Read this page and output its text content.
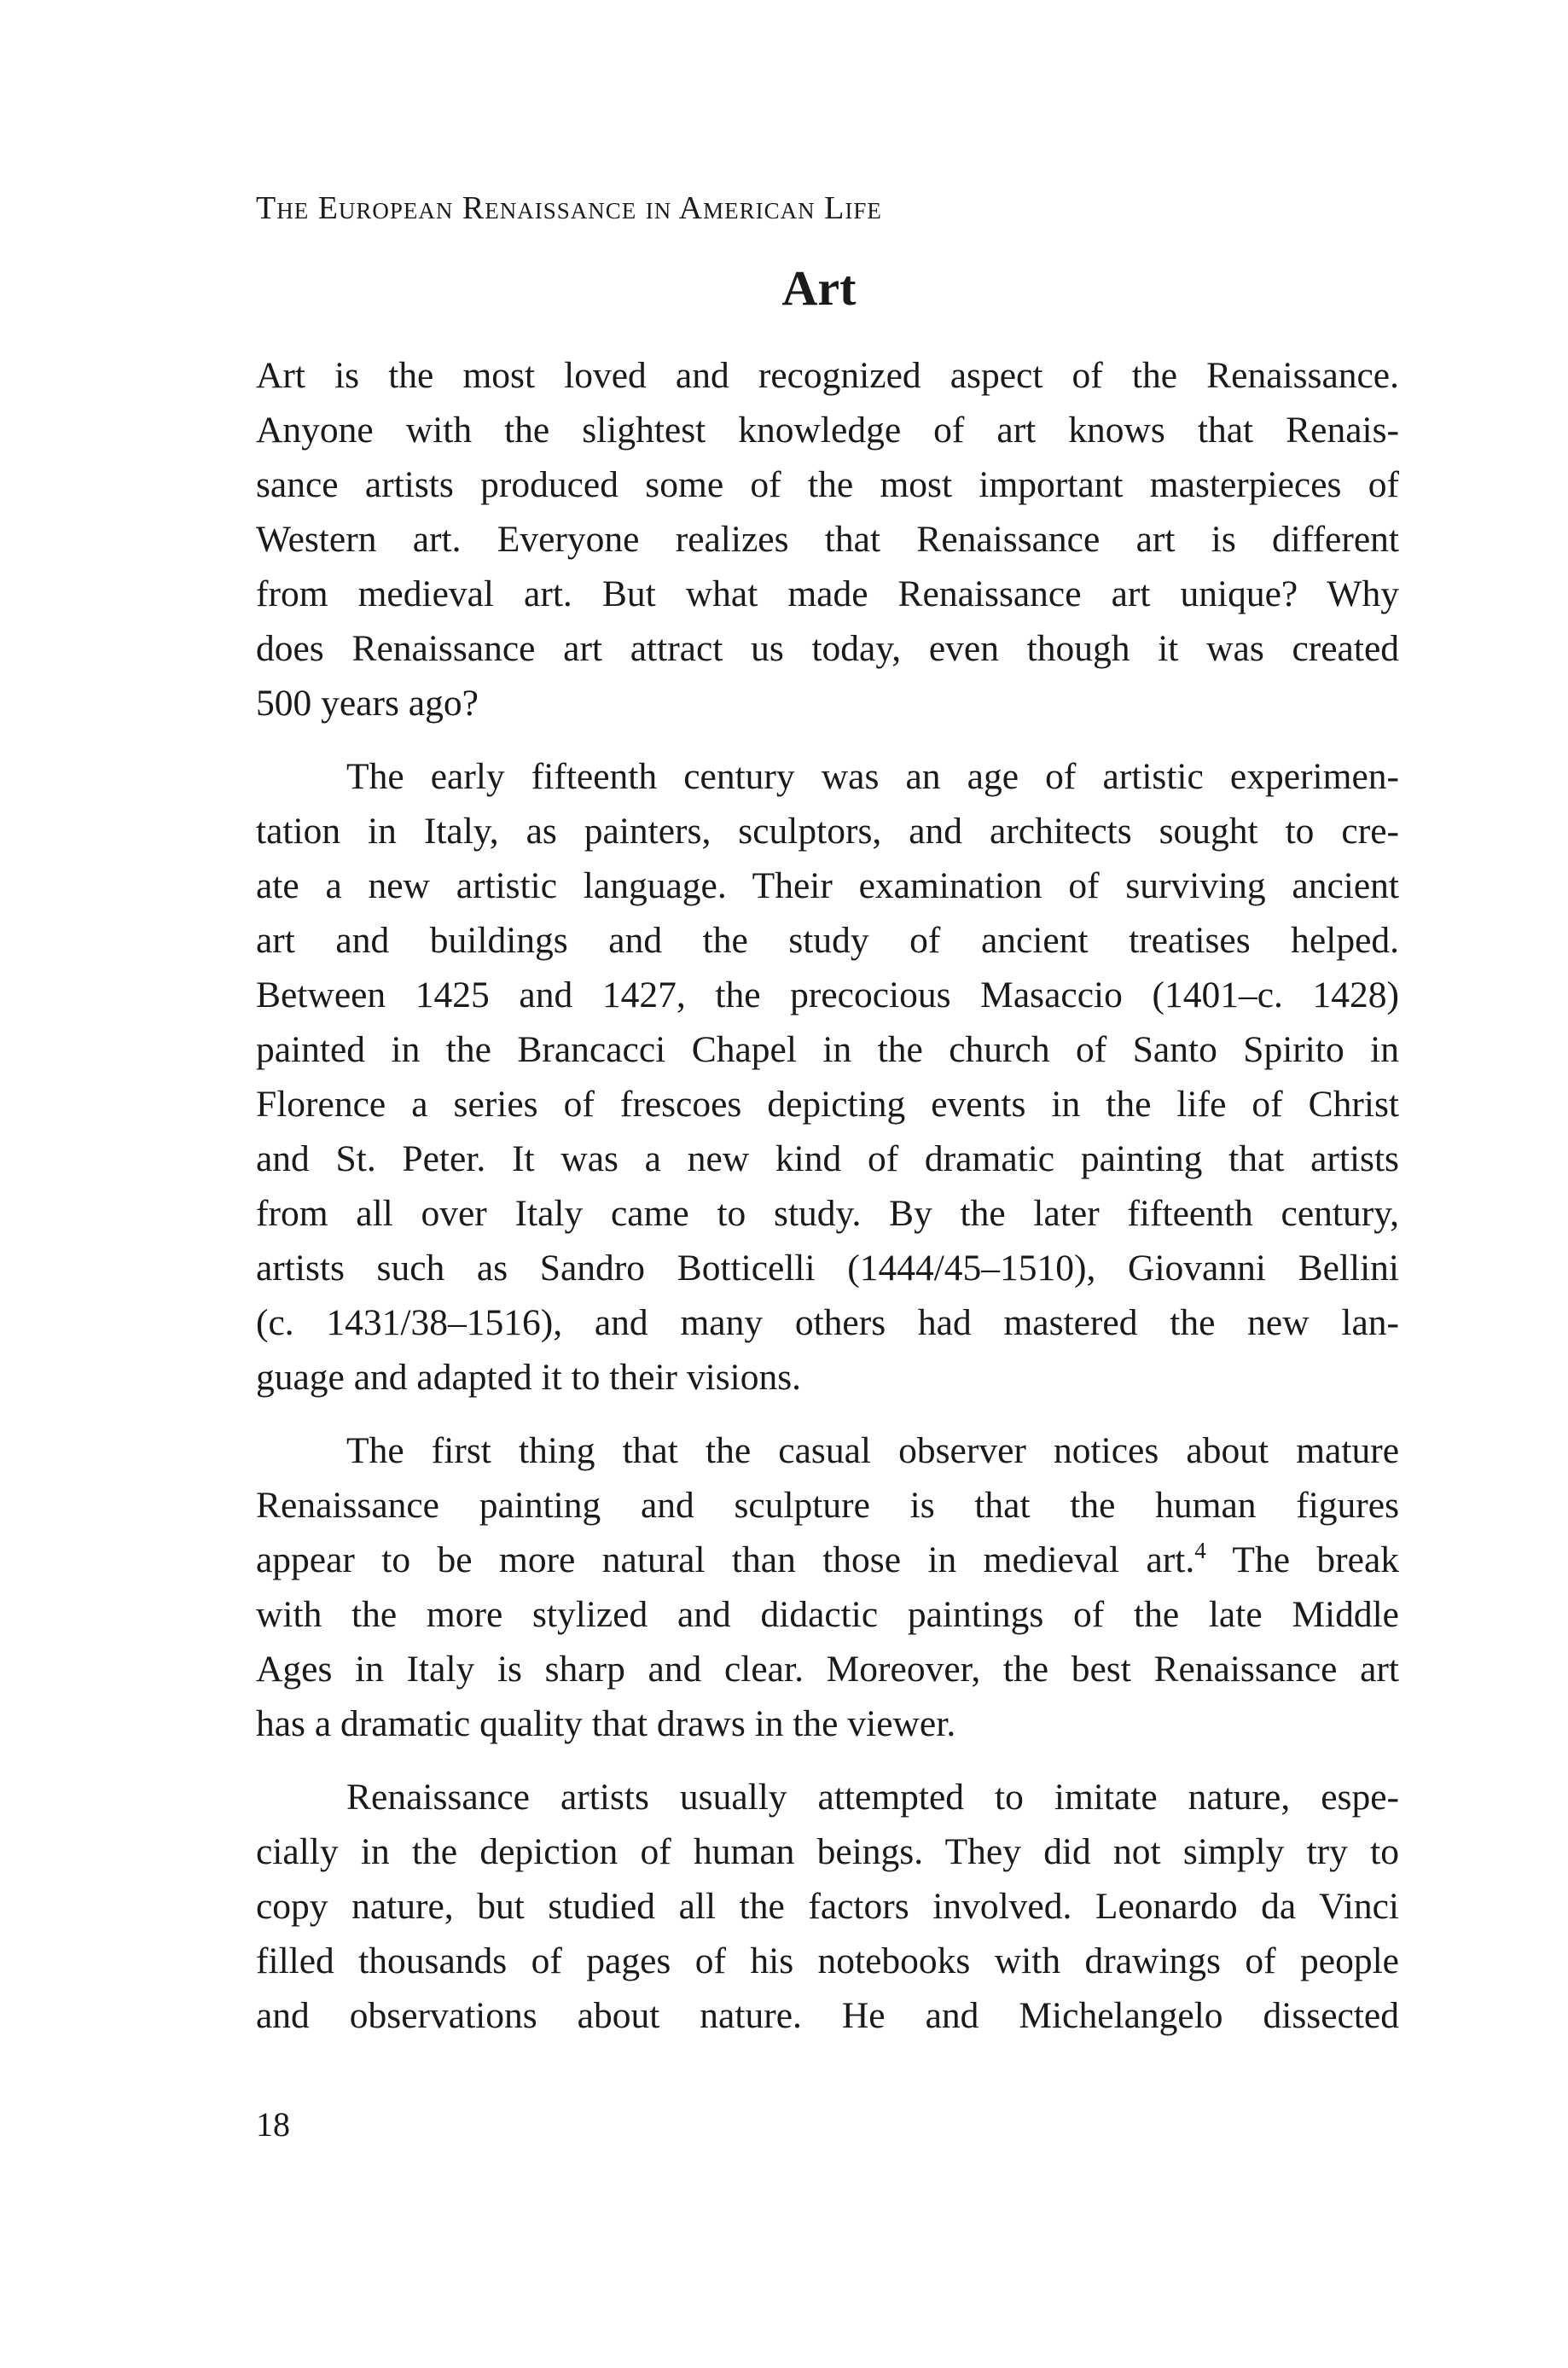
The European Renaissance in American Life
Art

Art is the most loved and recognized aspect of the Renaissance.
Anyone with the slightest knowledge of art knows that Renais-
sance artists produced some of the most important masterpieces of
Western art. Everyone realizes that Renaissance art is different
from medieval art. But what made Renaissance art unique? Why
does Renaissance art attract us today, even though it was created
500 years ago?

The early fifteenth century was an age of artistic experimen-
tation in Italy, as painters, sculptors, and architects sought to cre-
ate a new artistic language. Their examination of surviving ancient
art and buildings and the study of ancient treatises helped.
Between 1425 and 1427, the precocious Masaccio (1401–c. 1428)
painted in the Brancacci Chapel in the church of Santo Spirito in
Florence a series of frescoes depicting events in the life of Christ
and St. Peter. It was a new kind of dramatic painting that artists
from all over Italy came to study. By the later fifteenth century,
artists such as Sandro Botticelli (1444/45–1510), Giovanni Bellini
(c. 1431/38–1516), and many others had mastered the new lan-
guage and adapted it to their visions.

The first thing that the casual observer notices about mature
Renaissance painting and sculpture is that the human figures
appear to be more natural than those in medieval art.$^4$ The break
with the more stylized and didactic paintings of the late Middle
Ages in Italy is sharp and clear. Moreover, the best Renaissance art
has a dramatic quality that draws in the viewer.

Renaissance artists usually attempted to imitate nature, espe-
cially in the depiction of human beings. They did not simply try to
copy nature, but studied all the factors involved. Leonardo da Vinci
filled thousands of pages of his notebooks with drawings of people
and observations about nature. He and Michelangelo dissected

18
